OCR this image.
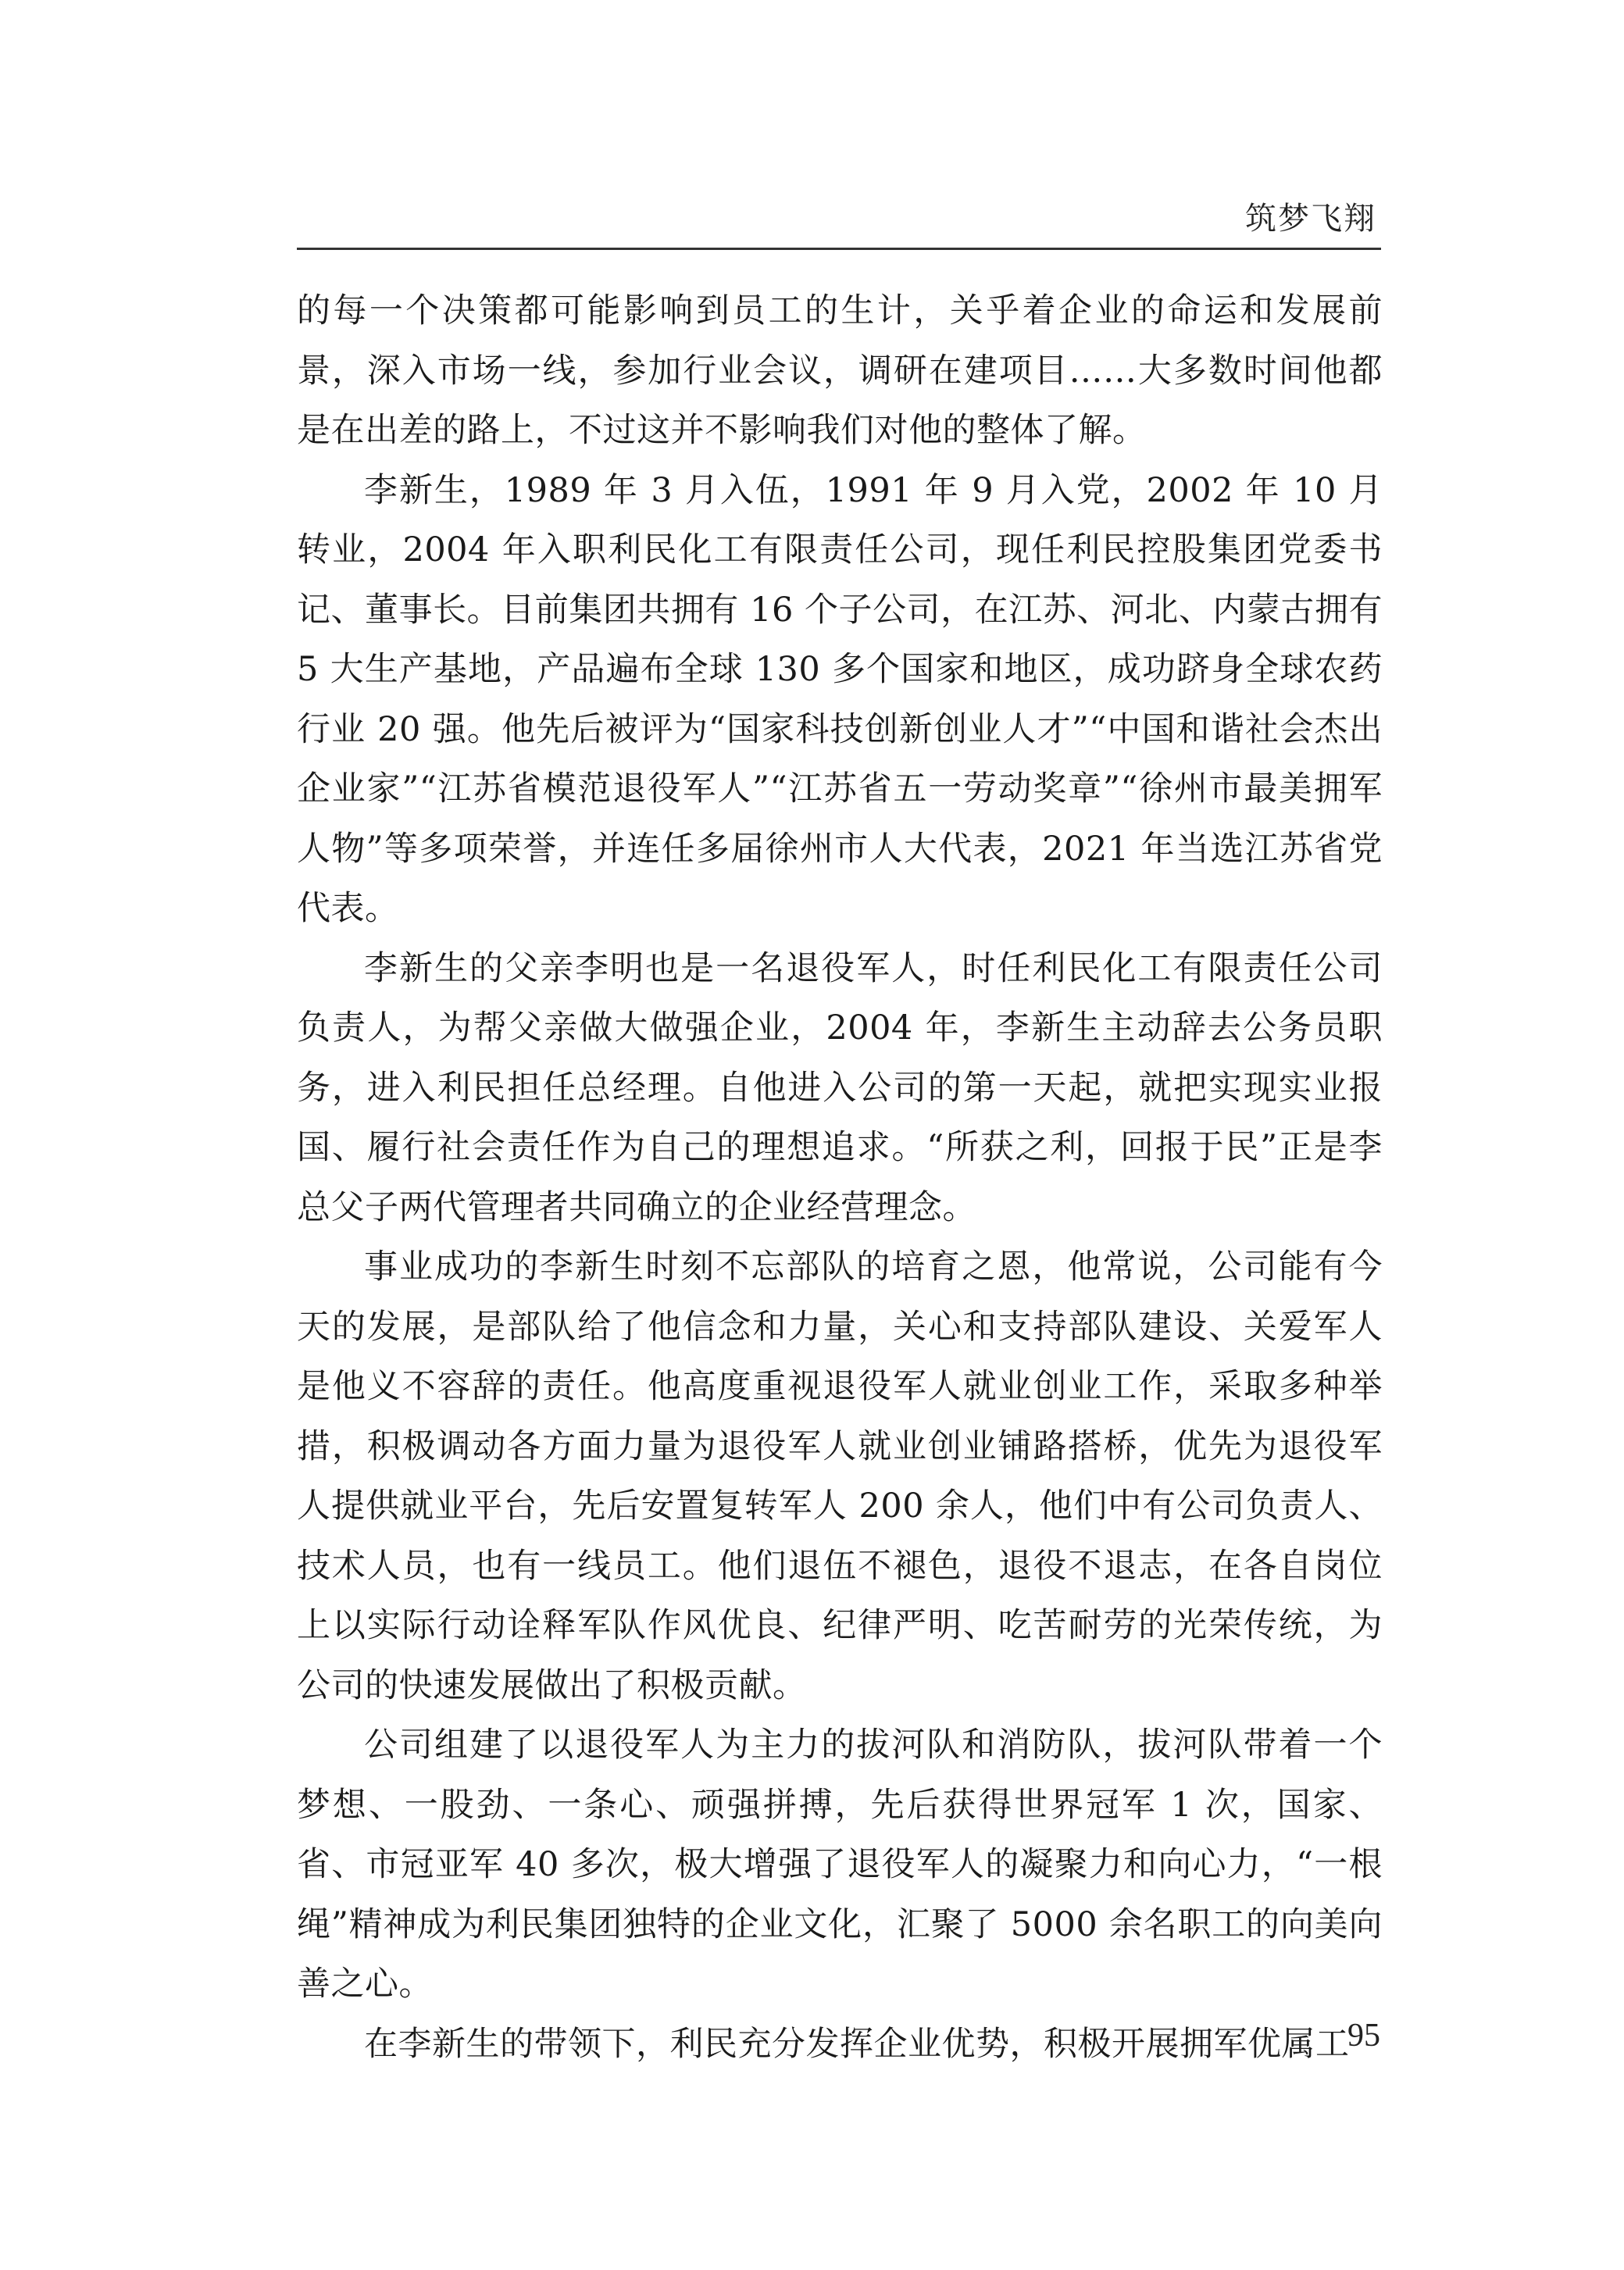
筑梦飞翔

的每一个决策都可能影响到员工的生计，关乎着企业的命运和发展前景，深入市场一线，参加行业会议，调研在建项目……大多数时间他都是在出差的路上，不过这并不影响我们对他的整体了解。

李新生，1989 年 3 月入伍，1991 年 9 月入党，2002 年 10 月转业，2004 年入职利民化工有限责任公司，现任利民控股集团党委书记、董事长。目前集团共拥有 16 个子公司，在江苏、河北、内蒙古拥有 5 大生产基地，产品遍布全球 130 多个国家和地区，成功跻身全球农药行业 20 强。他先后被评为“国家科技创新创业人才”“中国和谐社会杰出企业家”“江苏省模范退役军人”“江苏省五一劳动奖章”“徐州市最美拥军人物”等多项荣誉，并连任多届徐州市人大代表，2021 年当选江苏省党代表。

李新生的父亲李明也是一名退役军人，时任利民化工有限责任公司负责人，为帮父亲做大做强企业，2004 年，李新生主动辞去公务员职务，进入利民担任总经理。自他进入公司的第一天起，就把实现实业报国、履行社会责任作为自己的理想追求。“所获之利，回报于民”正是李总父子两代管理者共同确立的企业经营理念。

事业成功的李新生时刻不忘部队的培育之恩，他常说，公司能有今天的发展，是部队给了他信念和力量，关心和支持部队建设、关爱军人是他义不容辞的责任。他高度重视退役军人就业创业工作，采取多种举措，积极调动各方面力量为退役军人就业创业铺路搭桥，优先为退役军人提供就业平台，先后安置复转军人 200 余人，他们中有公司负责人、技术人员，也有一线员工。他们退伍不褪色，退役不退志，在各自岗位上以实际行动诠释军队作风优良、纪律严明、吃苦耐劳的光荣传统，为公司的快速发展做出了积极贡献。

公司组建了以退役军人为主力的拔河队和消防队，拔河队带着一个梦想、一股劲、一条心、顽强拼搏，先后获得世界冠军 1 次，国家、省、市冠亚军 40 多次，极大增强了退役军人的凝聚力和向心力，“一根绳”精神成为利民集团独特的企业文化，汇聚了 5000 余名职工的向美向善之心。

在李新生的带领下，利民充分发挥企业优势，积极开展拥军优属工

95
